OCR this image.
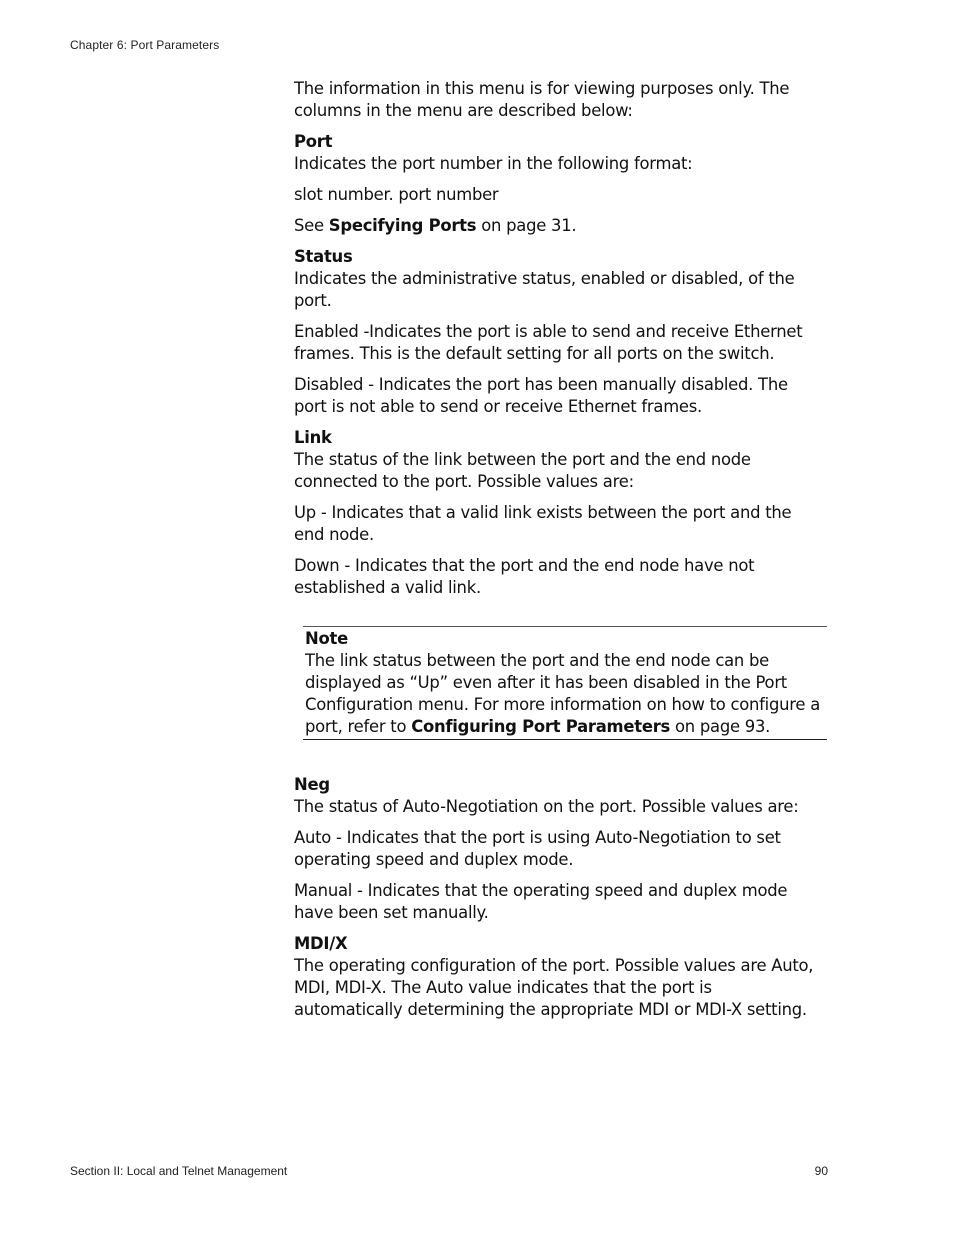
Chapter 6: Port Parameters

The information in this menu is for viewing purposes only. The columns in the menu are described below:

Port

Indicates the port number in the following format:

slot number. port number

See Specifying Ports on page 31.

Status

Indicates the administrative status, enabled or disabled, of the port.

Enabled -Indicates the port is able to send and receive Ethernet frames. This is the default setting for all ports on the switch.

Disabled - Indicates the port has been manually disabled. The port is not able to send or receive Ethernet frames.

Link

The status of the link between the port and the end node connected to the port. Possible values are:

Up - Indicates that a valid link exists between the port and the end node.

Down - Indicates that the port and the end node have not established a valid link.

Note

The link status between the port and the end node can be displayed as “Up” even after it has been disabled in the Port Configuration menu. For more information on how to configure a port, refer to Configuring Port Parameters on page 93.

Neg

The status of Auto-Negotiation on the port. Possible values are:

Auto - Indicates that the port is using Auto-Negotiation to set operating speed and duplex mode.

Manual - Indicates that the operating speed and duplex mode have been set manually.

MDI/X

The operating configuration of the port. Possible values are Auto, MDI, MDI-X. The Auto value indicates that the port is automatically determining the appropriate MDI or MDI-X setting.

Section II: Local and Telnet Management	90
